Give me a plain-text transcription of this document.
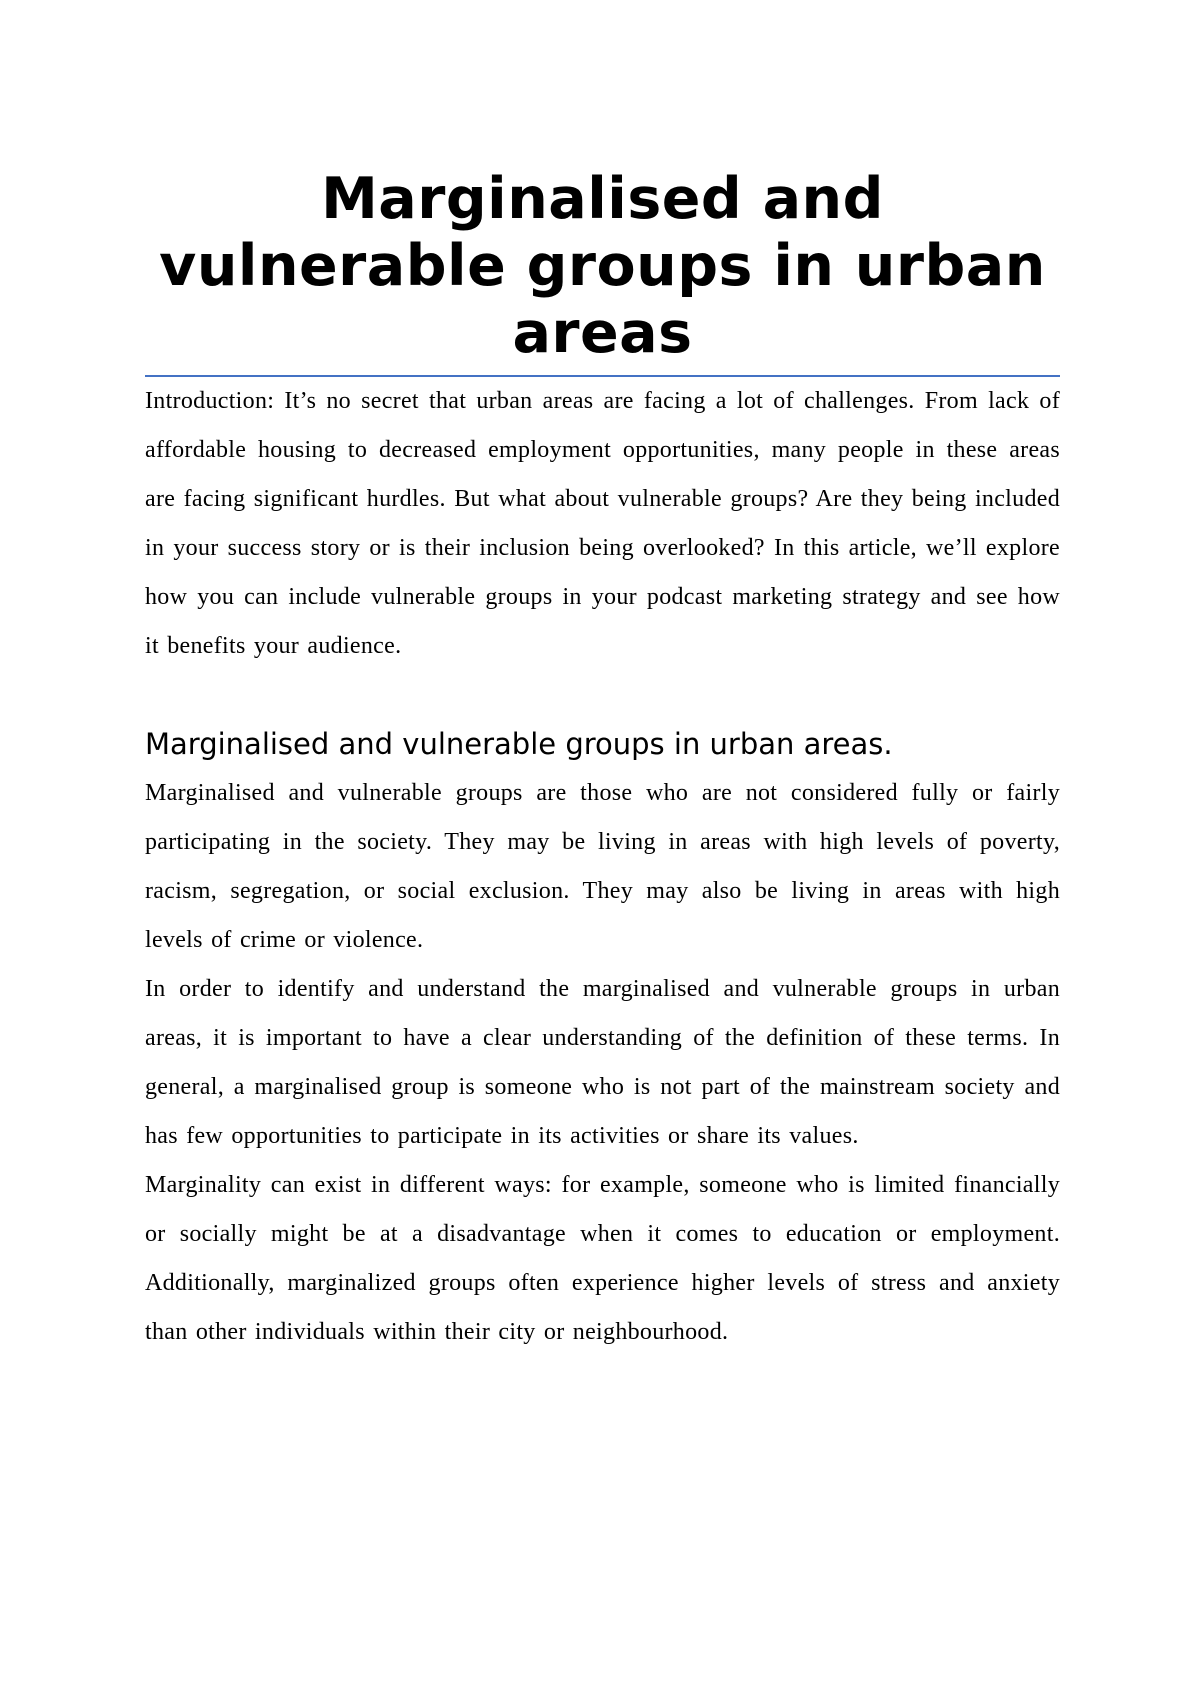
Marginalised and vulnerable groups in urban areas

Introduction: It’s no secret that urban areas are facing a lot of challenges. From lack of affordable housing to decreased employment opportunities, many people in these areas are facing significant hurdles. But what about vulnerable groups? Are they being included in your success story or is their inclusion being overlooked? In this article, we’ll explore how you can include vulnerable groups in your podcast marketing strategy and see how it benefits your audience.

Marginalised and vulnerable groups in urban areas.

Marginalised and vulnerable groups are those who are not considered fully or fairly participating in the society. They may be living in areas with high levels of poverty, racism, segregation, or social exclusion. They may also be living in areas with high levels of crime or violence.

In order to identify and understand the marginalised and vulnerable groups in urban areas, it is important to have a clear understanding of the definition of these terms. In general, a marginalised group is someone who is not part of the mainstream society and has few opportunities to participate in its activities or share its values.

Marginality can exist in different ways: for example, someone who is limited financially or socially might be at a disadvantage when it comes to education or employment. Additionally, marginalized groups often experience higher levels of stress and anxiety than other individuals within their city or neighbourhood.
